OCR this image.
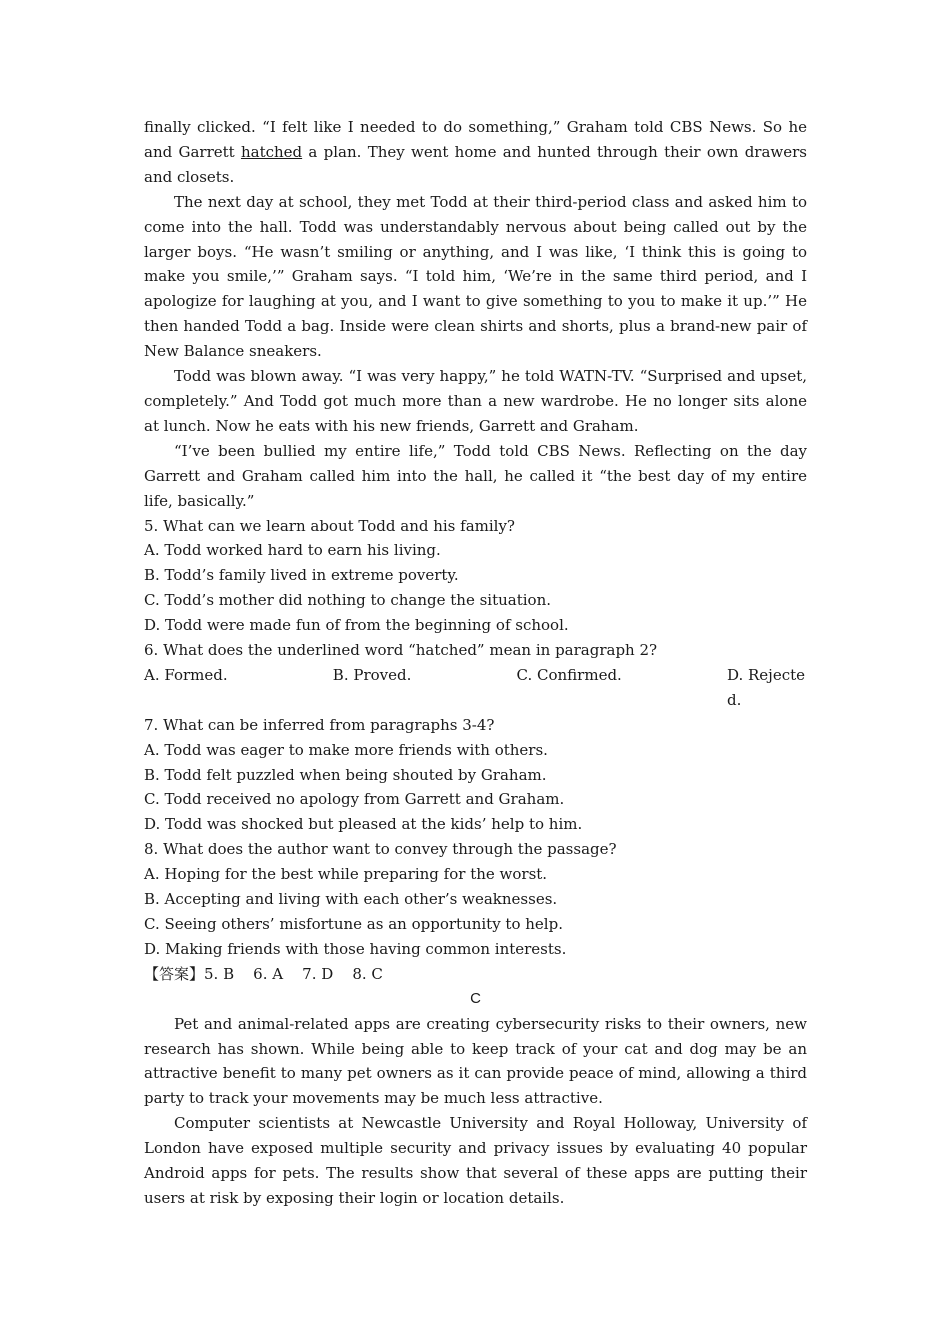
finally clicked. “I felt like I needed to do something,” Graham told CBS News. So he and Garrett hatched a plan. They went home and hunted through their own drawers and closets.

The next day at school, they met Todd at their third-period class and asked him to come into the hall. Todd was understandably nervous about being called out by the larger boys. “He wasn’t smiling or anything, and I was like, ‘I think this is going to make you smile,’” Graham says. “I told him, ‘We’re in the same third period, and I apologize for laughing at you, and I want to give something to you to make it up.’” He then handed Todd a bag. Inside were clean shirts and shorts, plus a brand-new pair of New Balance sneakers.

Todd was blown away. “I was very happy,” he told WATN-TV. “Surprised and upset, completely.” And Todd got much more than a new wardrobe. He no longer sits alone at lunch. Now he eats with his new friends, Garrett and Graham.

“I’ve been bullied my entire life,” Todd told CBS News. Reflecting on the day Garrett and Graham called him into the hall, he called it “the best day of my entire life, basically.”

5. What can we learn about Todd and his family?

A. Todd worked hard to earn his living.

B. Todd’s family lived in extreme poverty.

C. Todd’s mother did nothing to change the situation.

D. Todd were made fun of from the beginning of school.

6. What does the underlined word “hatched” mean in paragraph 2?

A. Formed.	B. Proved.	C. Confirmed.	D. Rejected.

7. What can be inferred from paragraphs 3-4?

A. Todd was eager to make more friends with others.

B. Todd felt puzzled when being shouted by Graham.

C. Todd received no apology from Garrett and Graham.

D. Todd was shocked but pleased at the kids’ help to him.

8. What does the author want to convey through the passage?

A. Hoping for the best while preparing for the worst.

B. Accepting and living with each other’s weaknesses.

C. Seeing others’ misfortune as an opportunity to help.

D. Making friends with those having common interests.

【答案】5. B    6. A    7. D    8. C

C

Pet and animal-related apps are creating cybersecurity risks to their owners, new research has shown. While being able to keep track of your cat and dog may be an attractive benefit to many pet owners as it can provide peace of mind, allowing a third party to track your movements may be much less attractive.

Computer scientists at Newcastle University and Royal Holloway, University of London have exposed multiple security and privacy issues by evaluating 40 popular Android apps for pets. The results show that several of these apps are putting their users at risk by exposing their login or location details.
